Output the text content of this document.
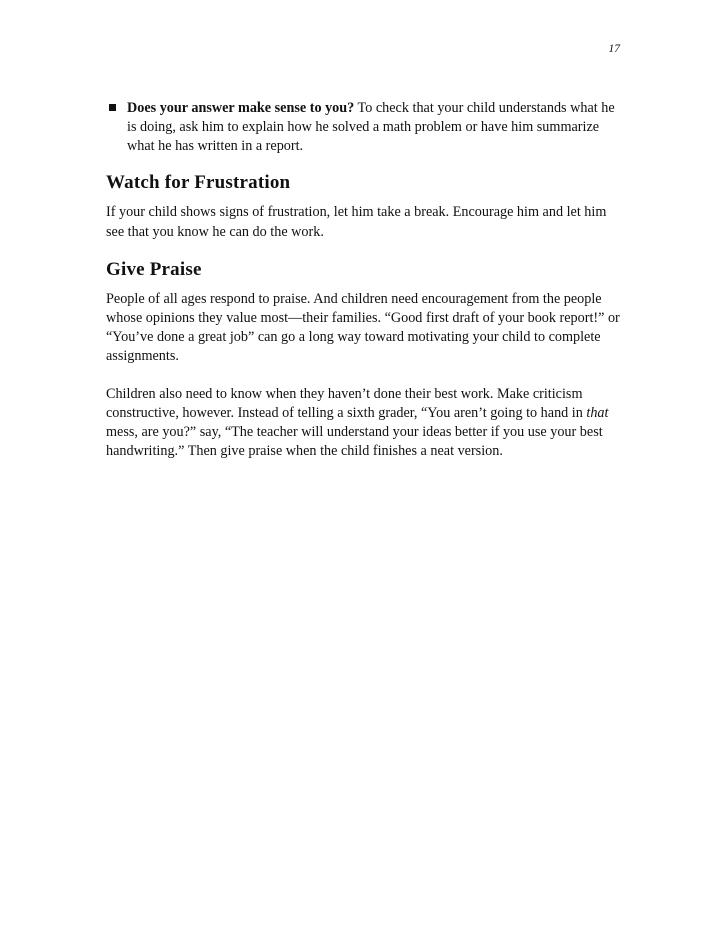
17
Does your answer make sense to you? To check that your child understands what he is doing, ask him to explain how he solved a math problem or have him summarize what he has written in a report.
Watch for Frustration

If your child shows signs of frustration, let him take a break. Encourage him and let him see that you know he can do the work.

Give Praise

People of all ages respond to praise. And children need encouragement from the people whose opinions they value most—their families. “Good first draft of your book report!” or “You’ve done a great job” can go a long way toward motivating your child to complete assignments.

Children also need to know when they haven’t done their best work. Make criticism constructive, however. Instead of telling a sixth grader, “You aren’t going to hand in that mess, are you?” say, “The teacher will understand your ideas better if you use your best handwriting.” Then give praise when the child finishes a neat version.
